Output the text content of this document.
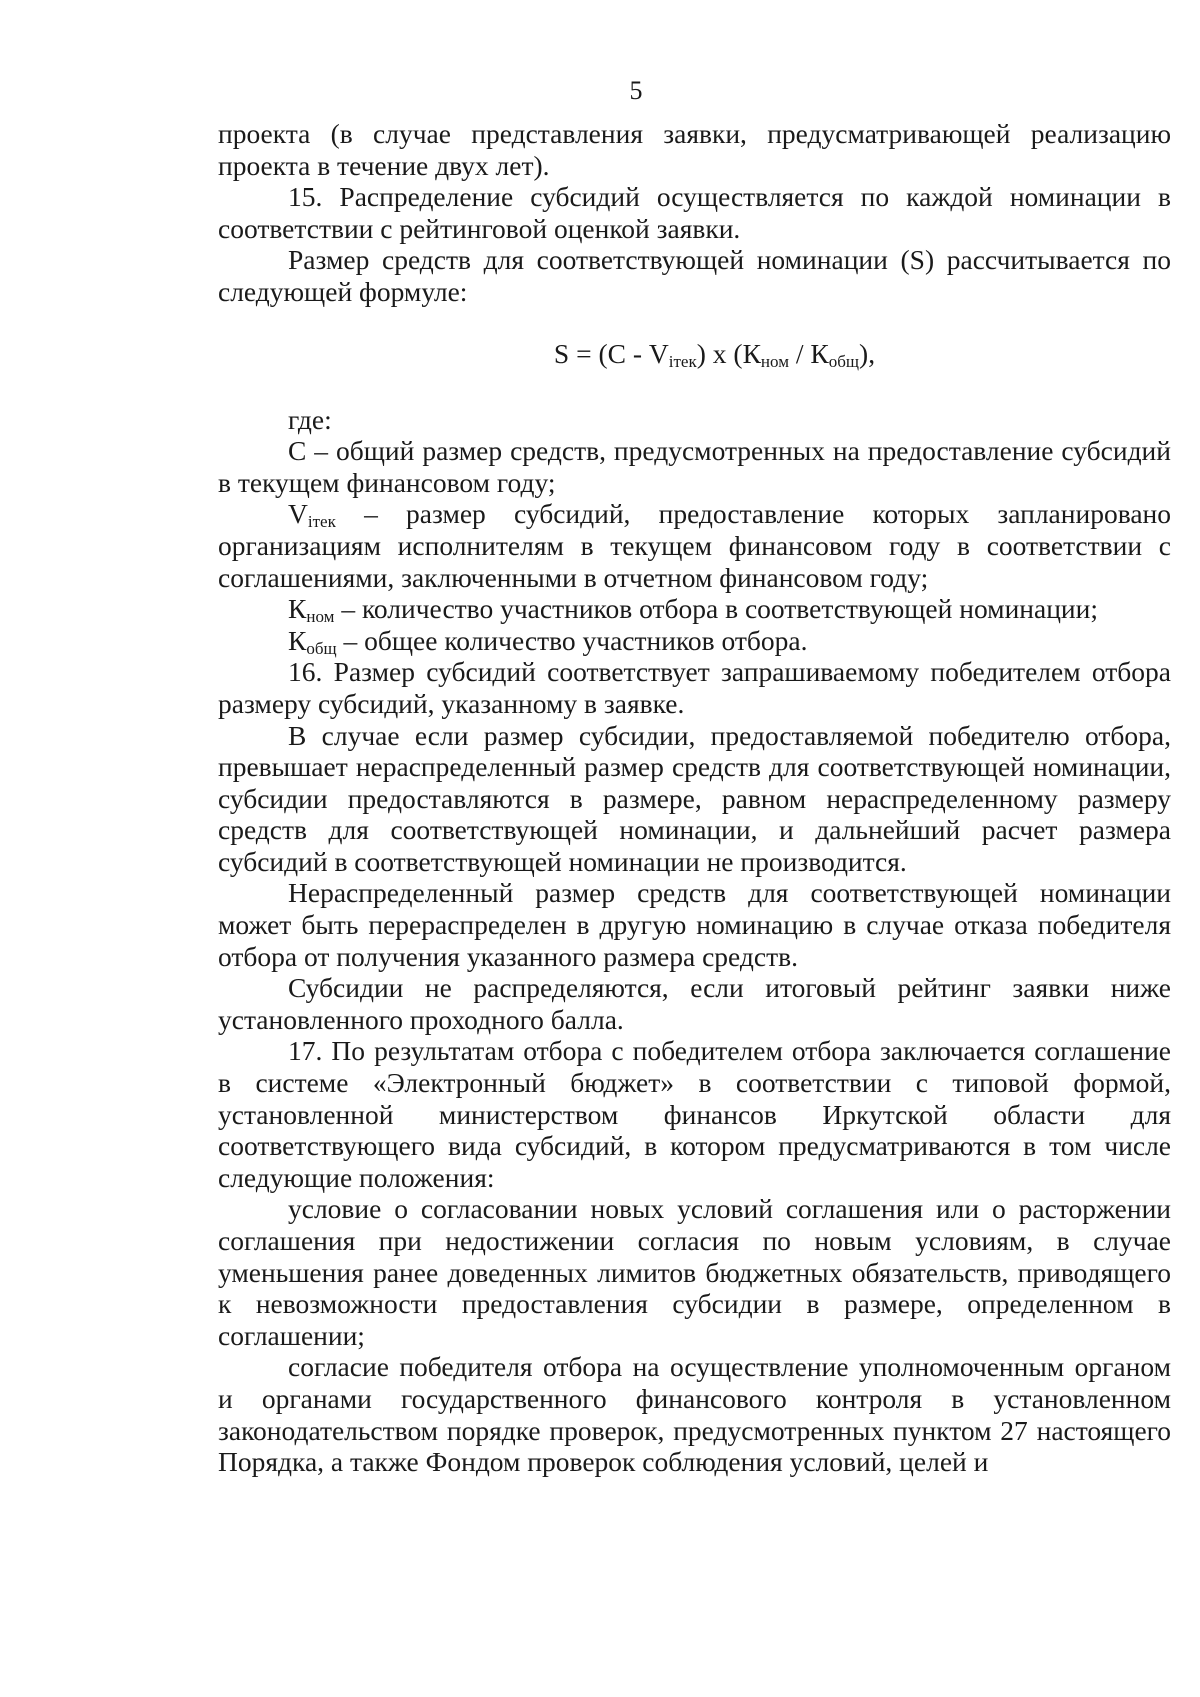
5

проекта (в случае представления заявки, предусматривающей реализацию проекта в течение двух лет).

15. Распределение субсидий осуществляется по каждой номинации в соответствии с рейтинговой оценкой заявки.

Размер средств для соответствующей номинации (S) рассчитывается по следующей формуле:

$S = (С - V_{iтек})$ х $(К_{ном} / К_{общ})$,

где:

С – общий размер средств, предусмотренных на предоставление субсидий в текущем финансовом году;

$V_{iтек}$ – размер субсидий, предоставление которых запланировано организациям исполнителям в текущем финансовом году в соответствии с соглашениями, заключенными в отчетном финансовом году;

$К_{ном}$ – количество участников отбора в соответствующей номинации;

$К_{общ}$ – общее количество участников отбора.

16. Размер субсидий соответствует запрашиваемому победителем отбора размеру субсидий, указанному в заявке.

В случае если размер субсидии, предоставляемой победителю отбора, превышает нераспределенный размер средств для соответствующей номинации, субсидии предоставляются в размере, равном нераспределенному размеру средств для соответствующей номинации, и дальнейший расчет размера субсидий в соответствующей номинации не производится.

Нераспределенный размер средств для соответствующей номинации может быть перераспределен в другую номинацию в случае отказа победителя отбора от получения указанного размера средств.

Субсидии не распределяются, если итоговый рейтинг заявки ниже установленного проходного балла.

17. По результатам отбора с победителем отбора заключается соглашение в системе «Электронный бюджет» в соответствии с типовой формой, установленной министерством финансов Иркутской области для соответствующего вида субсидий, в котором предусматриваются в том числе следующие положения:

условие о согласовании новых условий соглашения или о расторжении соглашения при недостижении согласия по новым условиям, в случае уменьшения ранее доведенных лимитов бюджетных обязательств, приводящего к невозможности предоставления субсидии в размере, определенном в соглашении;

согласие победителя отбора на осуществление уполномоченным органом и органами государственного финансового контроля в установленном законодательством порядке проверок, предусмотренных пунктом 27 настоящего Порядка, а также Фондом проверок соблюдения условий, целей и
